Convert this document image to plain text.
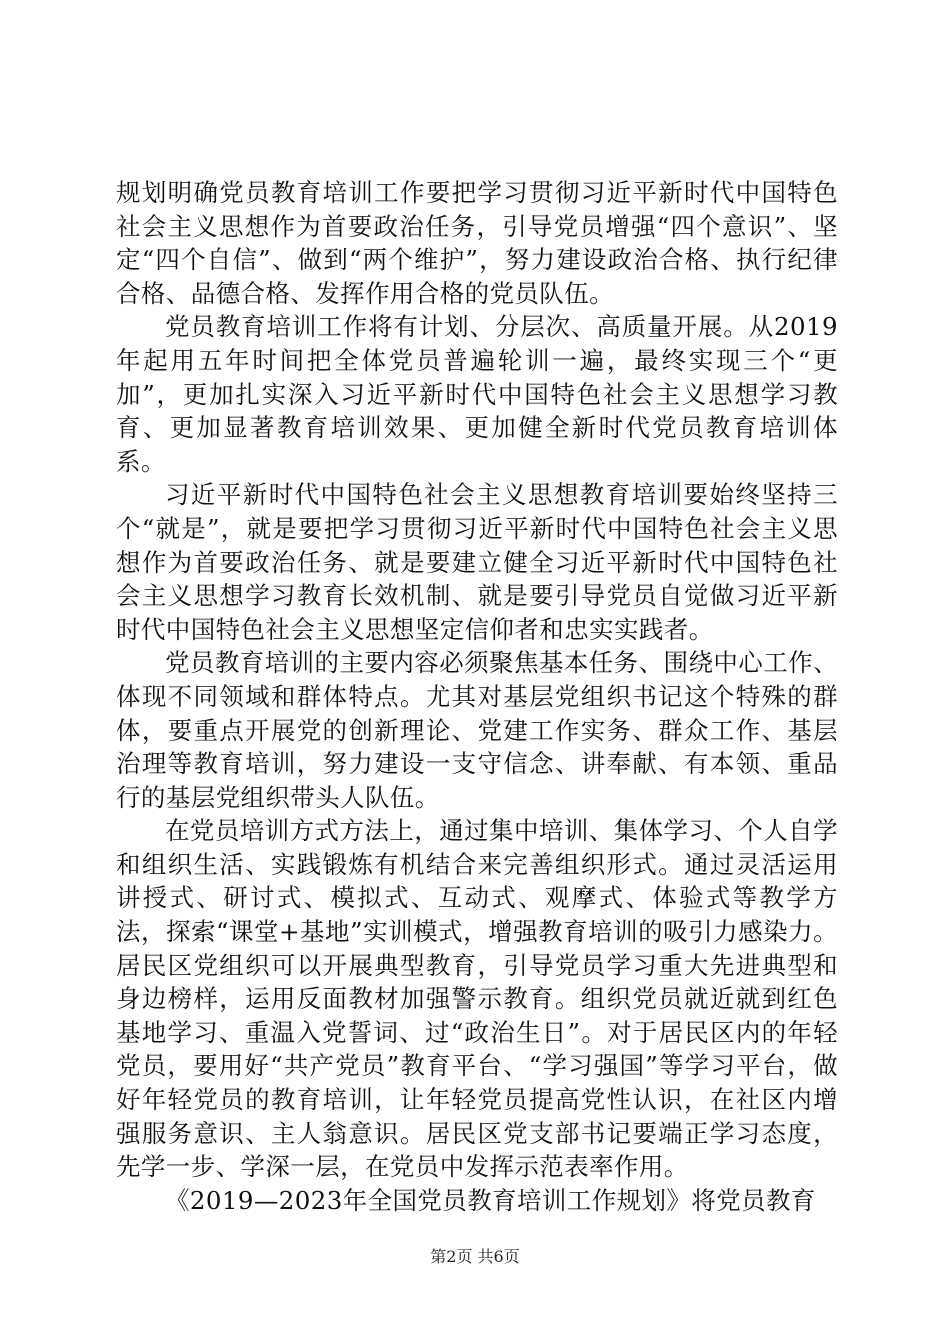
规划明确党员教育培训工作要把学习贯彻习近平新时代中国特色社会主义思想作为首要政治任务，引导党员增强“四个意识”、坚定“四个自信”、做到“两个维护”，努力建设政治合格、执行纪律合格、品德合格、发挥作用合格的党员队伍。

党员教育培训工作将有计划、分层次、高质量开展。从2019年起用五年时间把全体党员普遍轮训一遍，最终实现三个“更加”，更加扎实深入习近平新时代中国特色社会主义思想学习教育、更加显著教育培训效果、更加健全新时代党员教育培训体系。

习近平新时代中国特色社会主义思想教育培训要始终坚持三个“就是”，就是要把学习贯彻习近平新时代中国特色社会主义思想作为首要政治任务、就是要建立健全习近平新时代中国特色社会主义思想学习教育长效机制、就是要引导党员自觉做习近平新时代中国特色社会主义思想坚定信仰者和忠实实践者。

党员教育培训的主要内容必须聚焦基本任务、围绕中心工作、体现不同领域和群体特点。尤其对基层党组织书记这个特殊的群体，要重点开展党的创新理论、党建工作实务、群众工作、基层治理等教育培训，努力建设一支守信念、讲奉献、有本领、重品行的基层党组织带头人队伍。

在党员培训方式方法上，通过集中培训、集体学习、个人自学和组织生活、实践锻炼有机结合来完善组织形式。通过灵活运用讲授式、研讨式、模拟式、互动式、观摩式、体验式等教学方法，探索“课堂+基地”实训模式，增强教育培训的吸引力感染力。居民区党组织可以开展典型教育，引导党员学习重大先进典型和身边榜样，运用反面教材加强警示教育。组织党员就近就到红色基地学习、重温入党誓词、过“政治生日”。对于居民区内的年轻党员，要用好“共产党员”教育平台、“学习强国”等学习平台，做好年轻党员的教育培训，让年轻党员提高党性认识，在社区内增强服务意识、主人翁意识。居民区党支部书记要端正学习态度，先学一步、学深一层，在党员中发挥示范表率作用。

《2019—2023年全国党员教育培训工作规划》将党员教育

第2页 共6页
